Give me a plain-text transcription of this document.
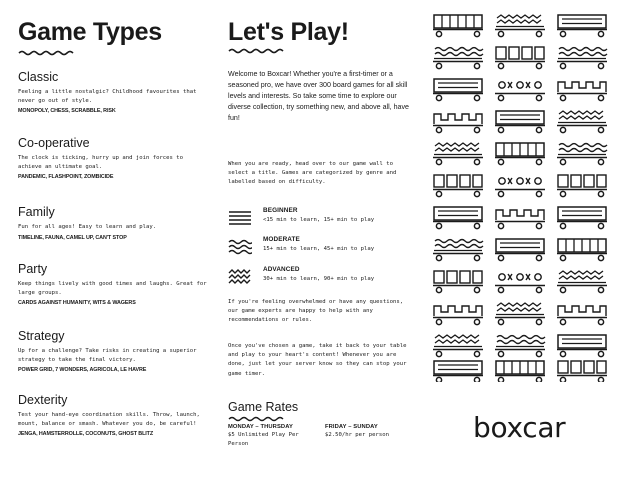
Game Types
Classic
Feeling a little nostalgic? Childhood favourites that never go out of style.
MONOPOLY, CHESS, SCRABBLE, RISK
Co-operative
The clock is ticking, hurry up and join forces to achieve an ultimate goal.
PANDEMIC, FLASHPOINT, ZOMBICIDE
Family
Fun for all ages! Easy to learn and play.
TIMELINE, FAUNA, CAMEL UP, CAN'T STOP
Party
Keep things lively with good times and laughs. Great for large groups.
CARDS AGAINST HUMANITY, WITS & WAGERS
Strategy
Up for a challenge? Take risks in creating a superior strategy to take the final victory.
POWER GRID, 7 WONDERS, AGRICOLA, LE HAVRE
Dexterity
Test your hand-eye coordination skills. Throw, launch, mount, balance or smash. Whatever you do, be careful!
JENGA, HAMSTERROLLE, COCONUTS, GHOST BLITZ
Let's Play!
Welcome to Boxcar! Whether you're a first-timer or a seasoned pro, we have over 300 board games for all skill levels and interests. So take some time to explore our diverse collection, try something new, and above all, have fun!
When you are ready, head over to our game wall to select a title. Games are categorized by genre and labelled based on difficulty.
BEGINNER
<15 min to learn, 15+ min to play
MODERATE
15+ min to learn, 45+ min to play
ADVANCED
30+ min to learn, 90+ min to play
If you're feeling overwhelmed or have any questions, our game experts are happy to help with any recommendations or rules.
Once you've chosen a game, take it back to your table and play to your heart's content! Whenever you are done, just let your server know so they can stop your game timer.
Game Rates
MONDAY – THURSDAY
$5 Unlimited Play Per Person
FRIDAY – SUNDAY
$2.50/hr per person	boxcar
